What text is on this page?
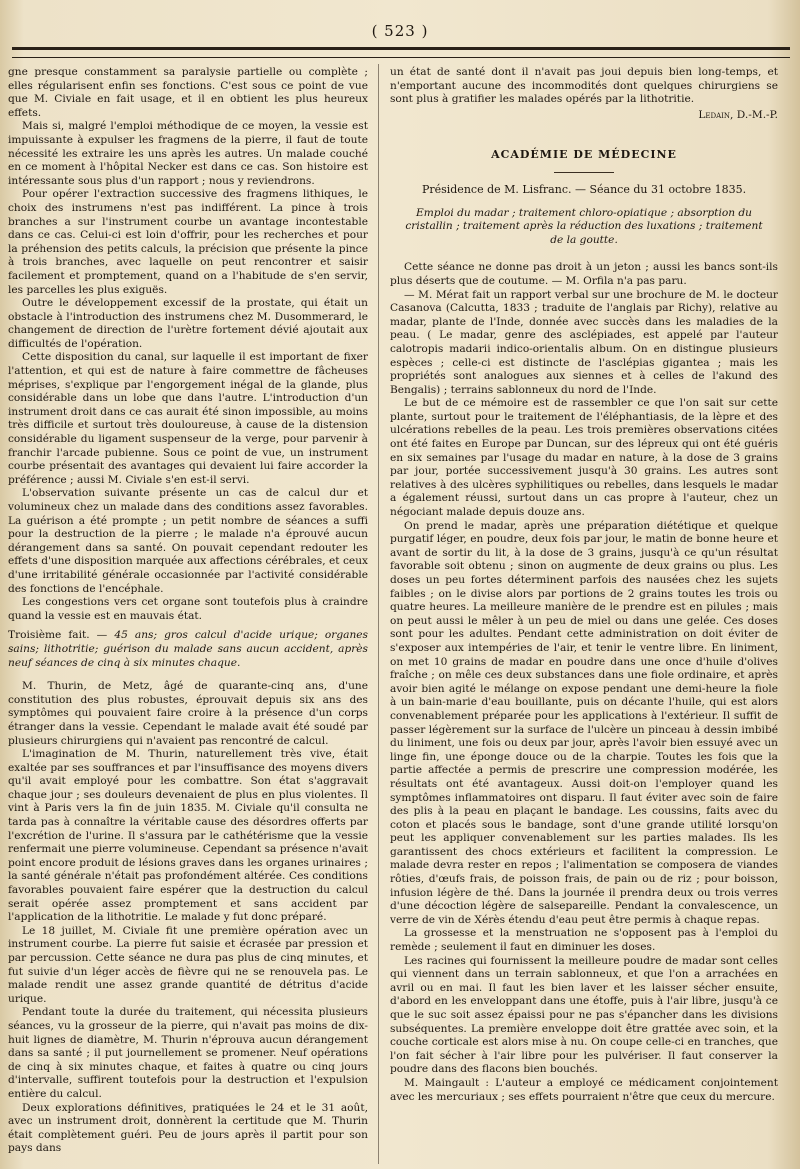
( 523 )

gne presque constamment sa paralysie partielle ou complète ; elles régularisent enfin ses fonctions. C'est sous ce point de vue que M. Civiale en fait usage, et il en obtient les plus heureux effets.

Mais si, malgré l'emploi méthodique de ce moyen, la vessie est impuissante à expulser les fragmens de la pierre, il faut de toute nécessité les extraire les uns après les autres. Un malade couché en ce moment à l'hôpital Necker est dans ce cas. Son histoire est intéressante sous plus d'un rapport ; nous y reviendrons.

Pour opérer l'extraction successive des fragmens lithiques, le choix des instrumens n'est pas indifférent. La pince à trois branches a sur l'instrument courbe un avantage incontestable dans ce cas. Celui-ci est loin d'offrir, pour les recherches et pour la préhension des petits calculs, la précision que présente la pince à trois branches, avec laquelle on peut rencontrer et saisir facilement et promptement, quand on a l'habitude de s'en servir, les parcelles les plus exiguës.

Outre le développement excessif de la prostate, qui était un obstacle à l'introduction des instrumens chez M. Dusommerard, le changement de direction de l'urètre fortement dévié ajoutait aux difficultés de l'opération.

Cette disposition du canal, sur laquelle il est important de fixer l'attention, et qui est de nature à faire commettre de fâcheuses méprises, s'explique par l'engorgement inégal de la glande, plus considérable dans un lobe que dans l'autre. L'introduction d'un instrument droit dans ce cas aurait été sinon impossible, au moins très difficile et surtout très douloureuse, à cause de la distension considérable du ligament suspenseur de la verge, pour parvenir à franchir l'arcade pubienne. Sous ce point de vue, un instrument courbe présentait des avantages qui devaient lui faire accorder la préférence ; aussi M. Civiale s'en est-il servi.

L'observation suivante présente un cas de calcul dur et volumineux chez un malade dans des conditions assez favorables. La guérison a été prompte ; un petit nombre de séances a suffi pour la destruction de la pierre ; le malade n'a éprouvé aucun dérangement dans sa santé. On pouvait cependant redouter les effets d'une disposition marquée aux affections cérébrales, et ceux d'une irritabilité générale occasionnée par l'activité considérable des fonctions de l'encéphale.

Les congestions vers cet organe sont toutefois plus à craindre quand la vessie est en mauvais état.

Troisième fait. — 45 ans; gros calcul d'acide urique; organes sains; lithotritie; guérison du malade sans aucun accident, après neuf séances de cinq à six minutes chaque.

M. Thurin, de Metz, âgé de quarante-cinq ans, d'une constitution des plus robustes, éprouvait depuis six ans des symptômes qui pouvaient faire croire à la présence d'un corps étranger dans la vessie. Cependant le malade avait été soudé par plusieurs chirurgiens qui n'avaient pas rencontré de calcul.

L'imagination de M. Thurin, naturellement très vive, était exaltée par ses souffrances et par l'insuffisance des moyens divers qu'il avait employé pour les combattre. Son état s'aggravait chaque jour ; ses douleurs devenaient de plus en plus violentes. Il vint à Paris vers la fin de juin 1835. M. Civiale qu'il consulta ne tarda pas à connaître la véritable cause des désordres offerts par l'excrétion de l'urine. Il s'assura par le cathétérisme que la vessie renfermait une pierre volumineuse. Cependant sa présence n'avait point encore produit de lésions graves dans les organes urinaires ; la santé générale n'était pas profondément altérée. Ces conditions favorables pouvaient faire espérer que la destruction du calcul serait opérée assez promptement et sans accident par l'application de la lithotritie. Le malade y fut donc préparé.

Le 18 juillet, M. Civiale fit une première opération avec un instrument courbe. La pierre fut saisie et écrasée par pression et par percussion. Cette séance ne dura pas plus de cinq minutes, et fut suivie d'un léger accès de fièvre qui ne se renouvela pas. Le malade rendit une assez grande quantité de détritus d'acide urique.

Pendant toute la durée du traitement, qui nécessita plusieurs séances, vu la grosseur de la pierre, qui n'avait pas moins de dix-huit lignes de diamètre, M. Thurin n'éprouva aucun dérangement dans sa santé ; il put journellement se promener. Neuf opérations de cinq à six minutes chaque, et faites à quatre ou cinq jours d'intervalle, suffirent toutefois pour la destruction et l'expulsion entière du calcul.

Deux explorations définitives, pratiquées le 24 et le 31 août, avec un instrument droit, donnèrent la certitude que M. Thurin était complètement guéri. Peu de jours après il partit pour son pays dans

un état de santé dont il n'avait pas joui depuis bien long-temps, et n'emportant aucune des incommodités dont quelques chirurgiens se sont plus à gratifier les malades opérés par la lithotritie.

Ledain, D.-M.-P.
ACADÉMIE DE MÉDECINE
Présidence de M. Lisfranc. — Séance du 31 octobre 1835.
Emploi du madar ; traitement chloro-opiatique ; absorption du cristallin ; traitement après la réduction des luxations ; traitement de la goutte.

Cette séance ne donne pas droit à un jeton ; aussi les bancs sont-ils plus déserts que de coutume. — M. Orfila n'a pas paru.

— M. Mérat fait un rapport verbal sur une brochure de M. le docteur Casanova (Calcutta, 1833 ; traduite de l'anglais par Richy), relative au madar, plante de l'Inde, donnée avec succès dans les maladies de la peau. ( Le madar, genre des asclépiades, est appelé par l'auteur calotropis madarii indico-orientalis album. On en distingue plusieurs espèces ; celle-ci est distincte de l'asclépias gigantea ; mais les propriétés sont analogues aux siennes et à celles de l'akund des Bengalis) ; terrains sablonneux du nord de l'Inde.

Le but de ce mémoire est de rassembler ce que l'on sait sur cette plante, surtout pour le traitement de l'éléphantiasis, de la lèpre et des ulcérations rebelles de la peau. Les trois premières observations citées ont été faites en Europe par Duncan, sur des lépreux qui ont été guéris en six semaines par l'usage du madar en nature, à la dose de 3 grains par jour, portée successivement jusqu'à 30 grains. Les autres sont relatives à des ulcères syphilitiques ou rebelles, dans lesquels le madar a également réussi, surtout dans un cas propre à l'auteur, chez un négociant malade depuis douze ans.

On prend le madar, après une préparation diététique et quelque purgatif léger, en poudre, deux fois par jour, le matin de bonne heure et avant de sortir du lit, à la dose de 3 grains, jusqu'à ce qu'un résultat favorable soit obtenu ; sinon on augmente de deux grains ou plus. Les doses un peu fortes déterminent parfois des nausées chez les sujets faibles ; on le divise alors par portions de 2 grains toutes les trois ou quatre heures. La meilleure manière de le prendre est en pilules ; mais on peut aussi le mêler à un peu de miel ou dans une gelée. Ces doses sont pour les adultes. Pendant cette administration on doit éviter de s'exposer aux intempéries de l'air, et tenir le ventre libre. En liniment, on met 10 grains de madar en poudre dans une once d'huile d'olives fraîche ; on mêle ces deux substances dans une fiole ordinaire, et après avoir bien agité le mélange on expose pendant une demi-heure la fiole à un bain-marie d'eau bouillante, puis on décante l'huile, qui est alors convenablement préparée pour les applications à l'extérieur. Il suffit de passer légèrement sur la surface de l'ulcère un pinceau à dessin imbibé du liniment, une fois ou deux par jour, après l'avoir bien essuyé avec un linge fin, une éponge douce ou de la charpie. Toutes les fois que la partie affectée a permis de prescrire une compression modérée, les résultats ont été avantageux. Aussi doit-on l'employer quand les symptômes inflammatoires ont disparu. Il faut éviter avec soin de faire des plis à la peau en plaçant le bandage. Les coussins, faits avec du coton et placés sous le bandage, sont d'une grande utilité lorsqu'on peut les appliquer convenablement sur les parties malades. Ils les garantissent des chocs extérieurs et facilitent la compression. Le malade devra rester en repos ; l'alimentation se composera de viandes rôties, d'œufs frais, de poisson frais, de pain ou de riz ; pour boisson, infusion légère de thé. Dans la journée il prendra deux ou trois verres d'une décoction légère de salsepareille. Pendant la convalescence, un verre de vin de Xérès étendu d'eau peut être permis à chaque repas.

La grossesse et la menstruation ne s'opposent pas à l'emploi du remède ; seulement il faut en diminuer les doses.

Les racines qui fournissent la meilleure poudre de madar sont celles qui viennent dans un terrain sablonneux, et que l'on a arrachées en avril ou en mai. Il faut les bien laver et les laisser sécher ensuite, d'abord en les enveloppant dans une étoffe, puis à l'air libre, jusqu'à ce que le suc soit assez épaissi pour ne pas s'épancher dans les divisions subséquentes. La première enveloppe doit être grattée avec soin, et la couche corticale est alors mise à nu. On coupe celle-ci en tranches, que l'on fait sécher à l'air libre pour les pulvériser. Il faut conserver la poudre dans des flacons bien bouchés.

M. Maingault : L'auteur a employé ce médicament conjointement avec les mercuriaux ; ses effets pourraient n'être que ceux du mercure.
